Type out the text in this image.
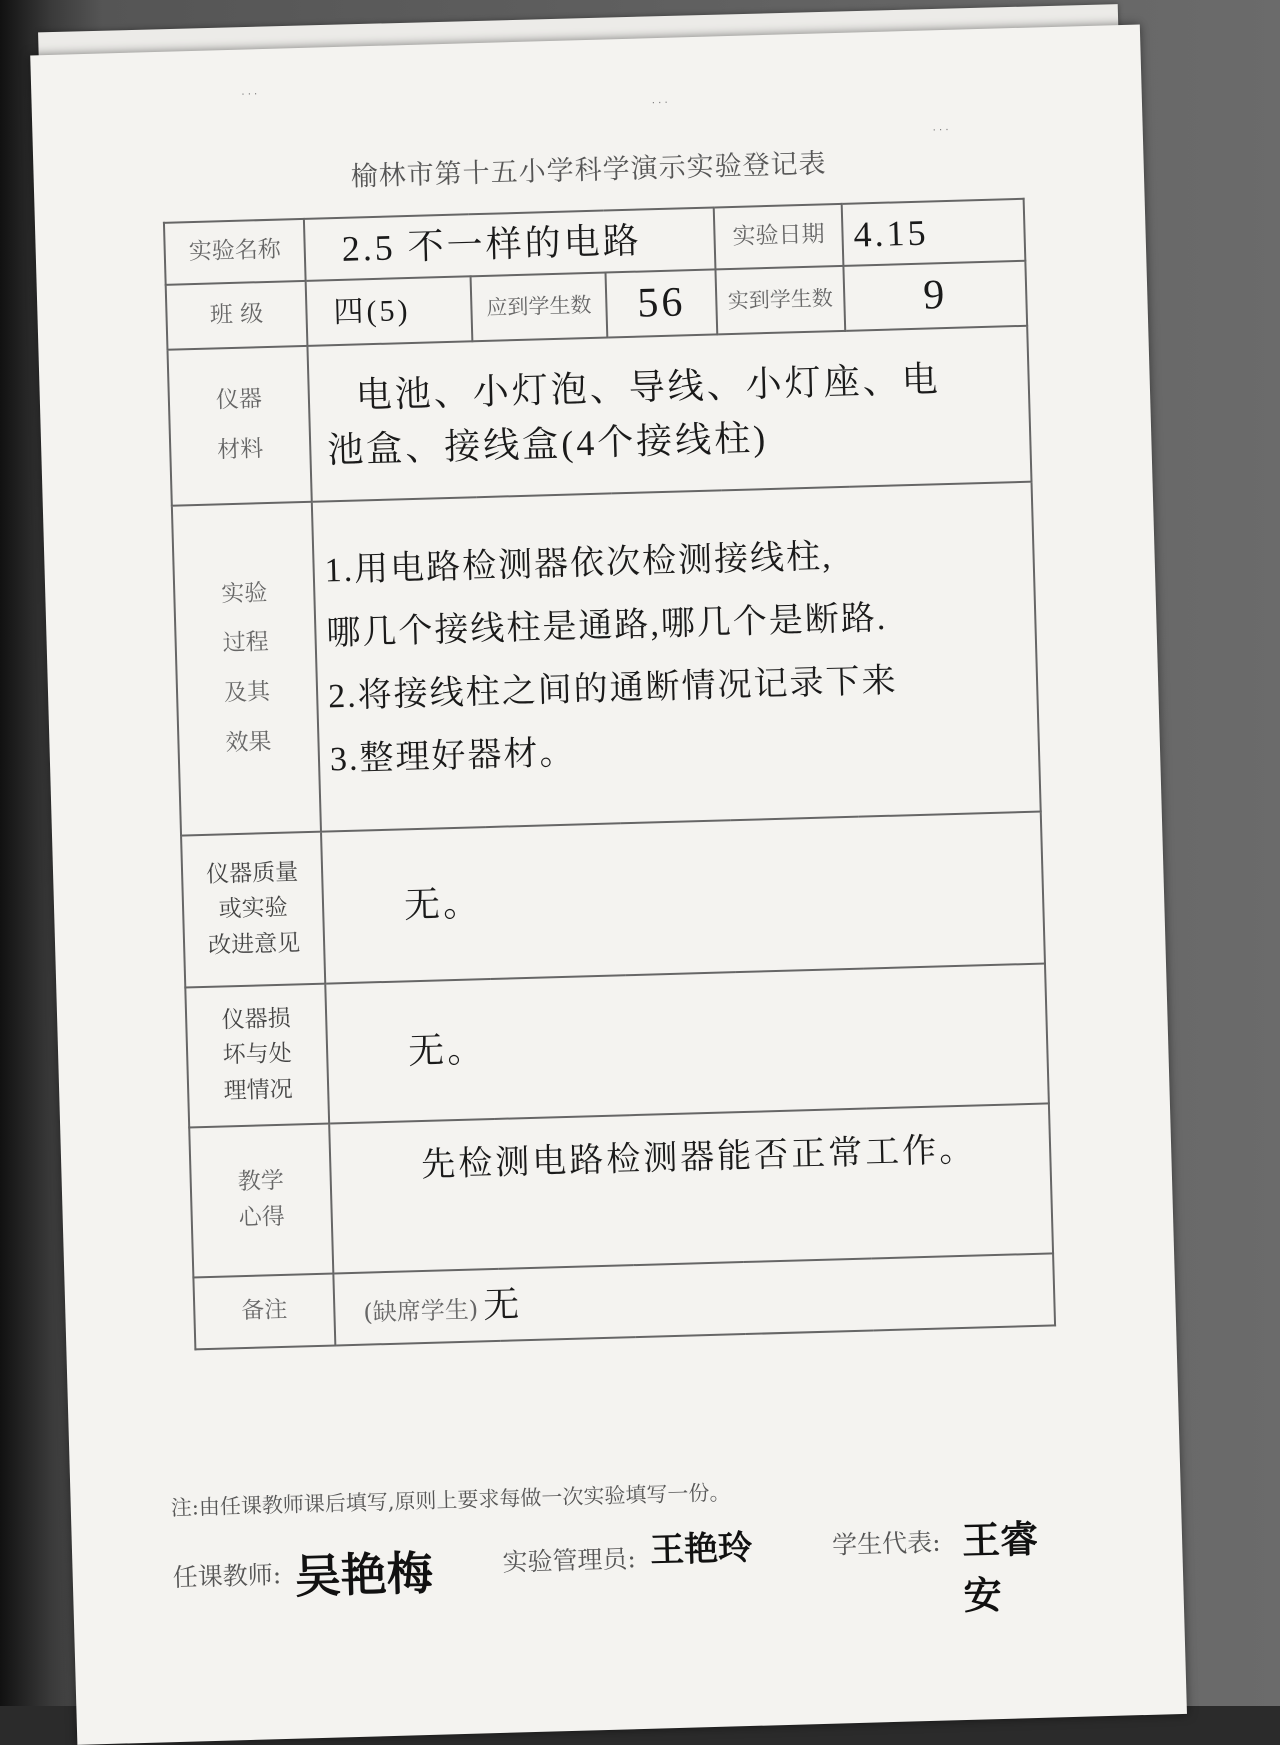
· · ·
· · ·
· · ·
榆林市第十五小学科学演示实验登记表
实验名称	2.5 不一样的电路			实验日期	4.15
班 级	四(5)	应到学生数	56	实到学生数	9

仪器
材料	电池、小灯泡、导线、小灯座、电
池盒、接线盒(4个接线柱)				

实验
过程
及其
效果	1.用电路检测器依次检测接线柱,
哪几个接线柱是通路,哪几个是断路.
2.将接线柱之间的通断情况记录下来
3.整理好器材。				

仪器质量
或实验
改进意见	无。				

仪器损
坏与处
理情况	无。				

教学
心得	先检测电路检测器能否正常工作。				
备注	(缺席学生) 无				
注:由任课教师课后填写,原则上要求每做一次实验填写一份。
任课教师: 吴艳梅	实验管理员: 王艳玲	学生代表: 王睿安
